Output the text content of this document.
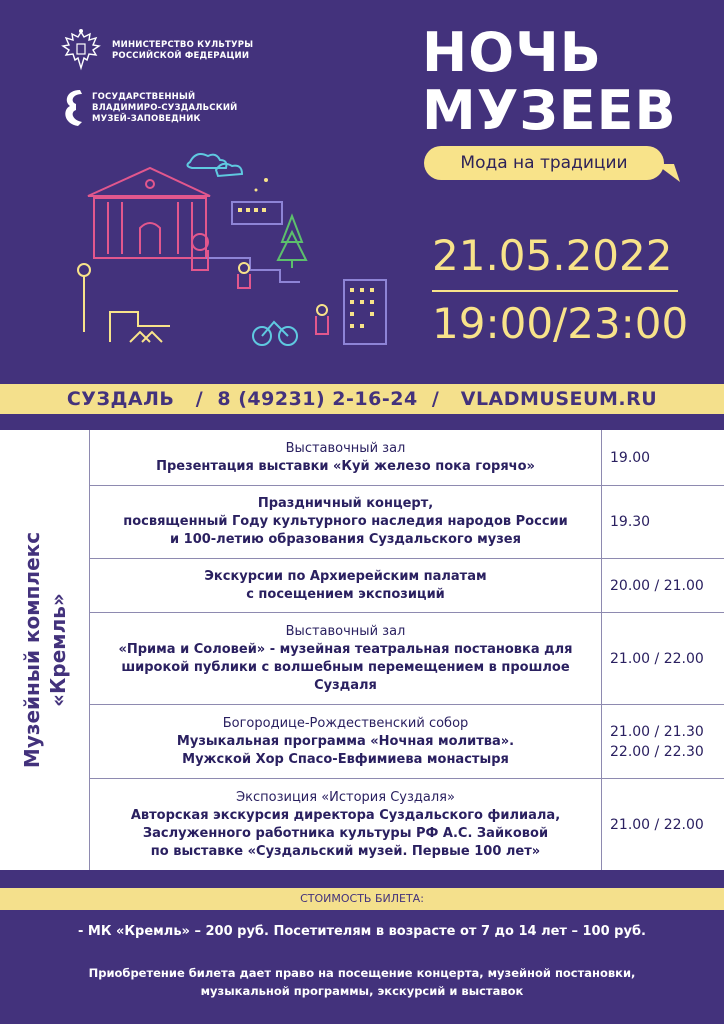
МИНИСТЕРСТВО КУЛЬТУРЫ
РОССИЙСКОЙ ФЕДЕРАЦИИ
ГОСУДАРСТВЕННЫЙ
ВЛАДИМИРО-СУЗДАЛЬСКИЙ
МУЗЕЙ-ЗАПОВЕДНИК
НОЧЬ
МУЗЕЕВ
Мода на традиции
21.05.2022
19:00/23:00
СУЗДАЛЬ   /  8 (49231) 2-16-24  /   VLADMUSEUM.RU
Музейный комплекс «Кремль»
Выставочный зал
Презентация выставки «Куй железо пока горячо»
19.00
Праздничный концерт,
посвященный Году культурного наследия народов России
и 100-летию образования Суздальского музея
19.30
Экскурсии по Архиерейским палатам
с посещением экспозиций
20.00 / 21.00
Выставочный зал
«Прима и Соловей» - музейная театральная постановка для
широкой публики с волшебным перемещением в прошлое
Суздаля
21.00 / 22.00
Богородице-Рождественский собор
Музыкальная программа «Ночная молитва».
Мужской Хор Спасо-Евфимиева монастыря
21.00 / 21.30
22.00 / 22.30
Экспозиция «История Суздаля»
Авторская экскурсия директора Суздальского филиала,
Заслуженного работника культуры РФ А.С. Зайковой
по выставке «Суздальский музей. Первые 100 лет»
21.00 / 22.00
СТОИМОСТЬ БИЛЕТА:
- МК «Кремль» – 200 руб. Посетителям в возрасте от 7 до 14 лет – 100 руб.
Приобретение билета дает право на посещение концерта, музейной постановки,
музыкальной программы, экскурсий и выставок
